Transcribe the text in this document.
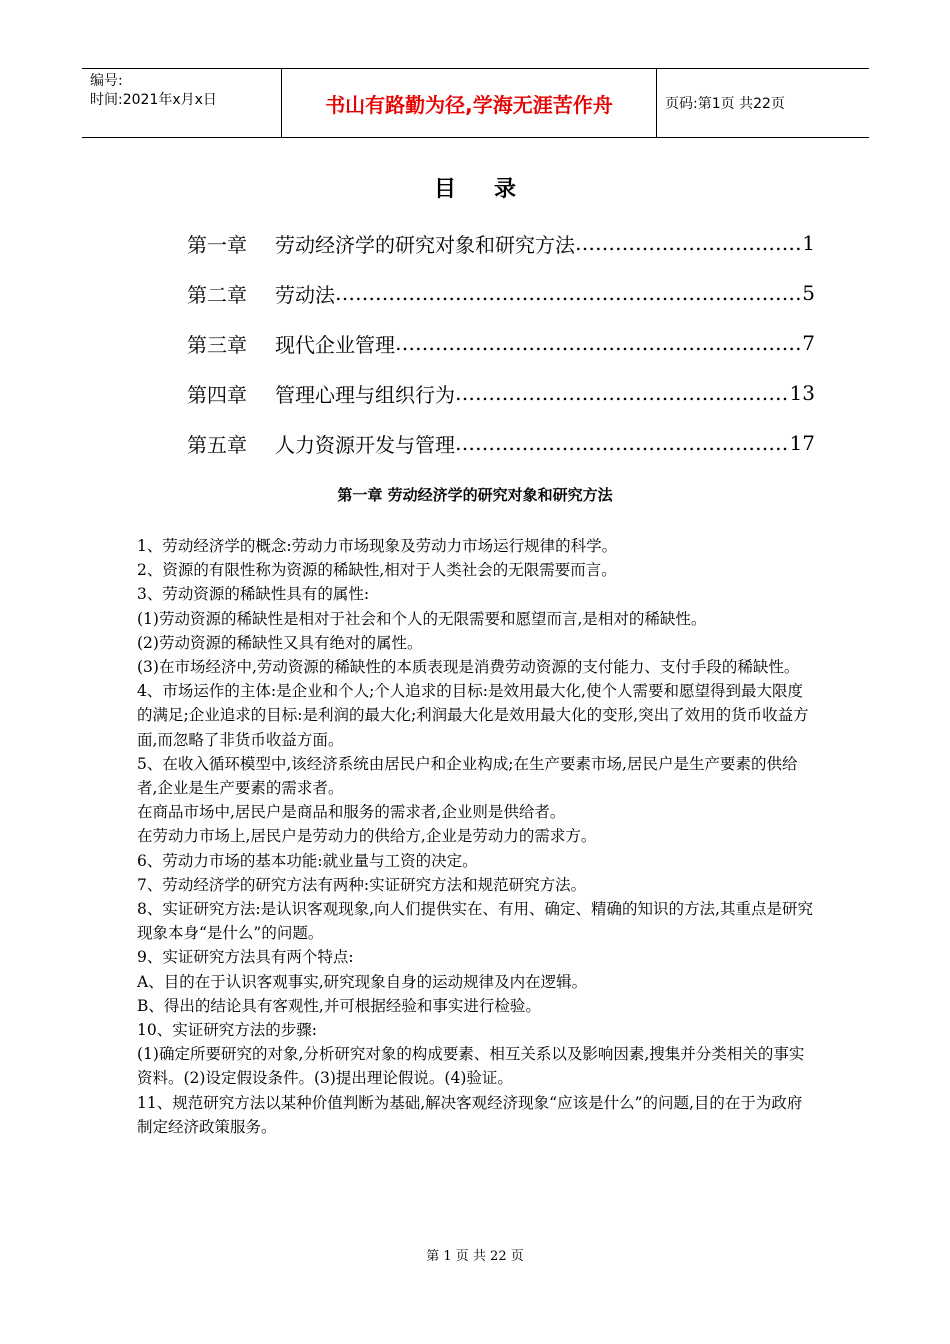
编号:
时间:2021年x月x日	书山有路勤为径,学海无涯苦作舟	页码:第1页 共22页
目录
第一章	劳动经济学的研究对象和研究方法 ……………………………………………………………………………………………………………………	1
第二章	劳动法 ……………………………………………………………………………………………………………………	5
第三章	现代企业管理 ……………………………………………………………………………………………………………………	7
第四章	管理心理与组织行为 ……………………………………………………………………………………………………………………	13
第五章	人力资源开发与管理 ……………………………………………………………………………………………………………………	17
第一章 劳动经济学的研究对象和研究方法

1、劳动经济学的概念:劳动力市场现象及劳动力市场运行规律的科学。

2、资源的有限性称为资源的稀缺性,相对于人类社会的无限需要而言。

3、劳动资源的稀缺性具有的属性:

(1)劳动资源的稀缺性是相对于社会和个人的无限需要和愿望而言,是相对的稀缺性。

(2)劳动资源的稀缺性又具有绝对的属性。

(3)在市场经济中,劳动资源的稀缺性的本质表现是消费劳动资源的支付能力、支付手段的稀缺性。

4、市场运作的主体:是企业和个人;个人追求的目标:是效用最大化,使个人需要和愿望得到最大限度的满足;企业追求的目标:是利润的最大化;利润最大化是效用最大化的变形,突出了效用的货币收益方面,而忽略了非货币收益方面。

5、在收入循环模型中,该经济系统由居民户和企业构成;在生产要素市场,居民户是生产要素的供给者,企业是生产要素的需求者。

在商品市场中,居民户是商品和服务的需求者,企业则是供给者。

在劳动力市场上,居民户是劳动力的供给方,企业是劳动力的需求方。

6、劳动力市场的基本功能:就业量与工资的决定。

7、劳动经济学的研究方法有两种:实证研究方法和规范研究方法。

8、实证研究方法:是认识客观现象,向人们提供实在、有用、确定、精确的知识的方法,其重点是研究现象本身“是什么”的问题。

9、实证研究方法具有两个特点:

A、目的在于认识客观事实,研究现象自身的运动规律及内在逻辑。

B、得出的结论具有客观性,并可根据经验和事实进行检验。

10、实证研究方法的步骤:

(1)确定所要研究的对象,分析研究对象的构成要素、相互关系以及影响因素,搜集并分类相关的事实资料。(2)设定假设条件。(3)提出理论假说。(4)验证。

11、规范研究方法以某种价值判断为基础,解决客观经济现象“应该是什么”的问题,目的在于为政府制定经济政策服务。

第 1 页 共 22 页
